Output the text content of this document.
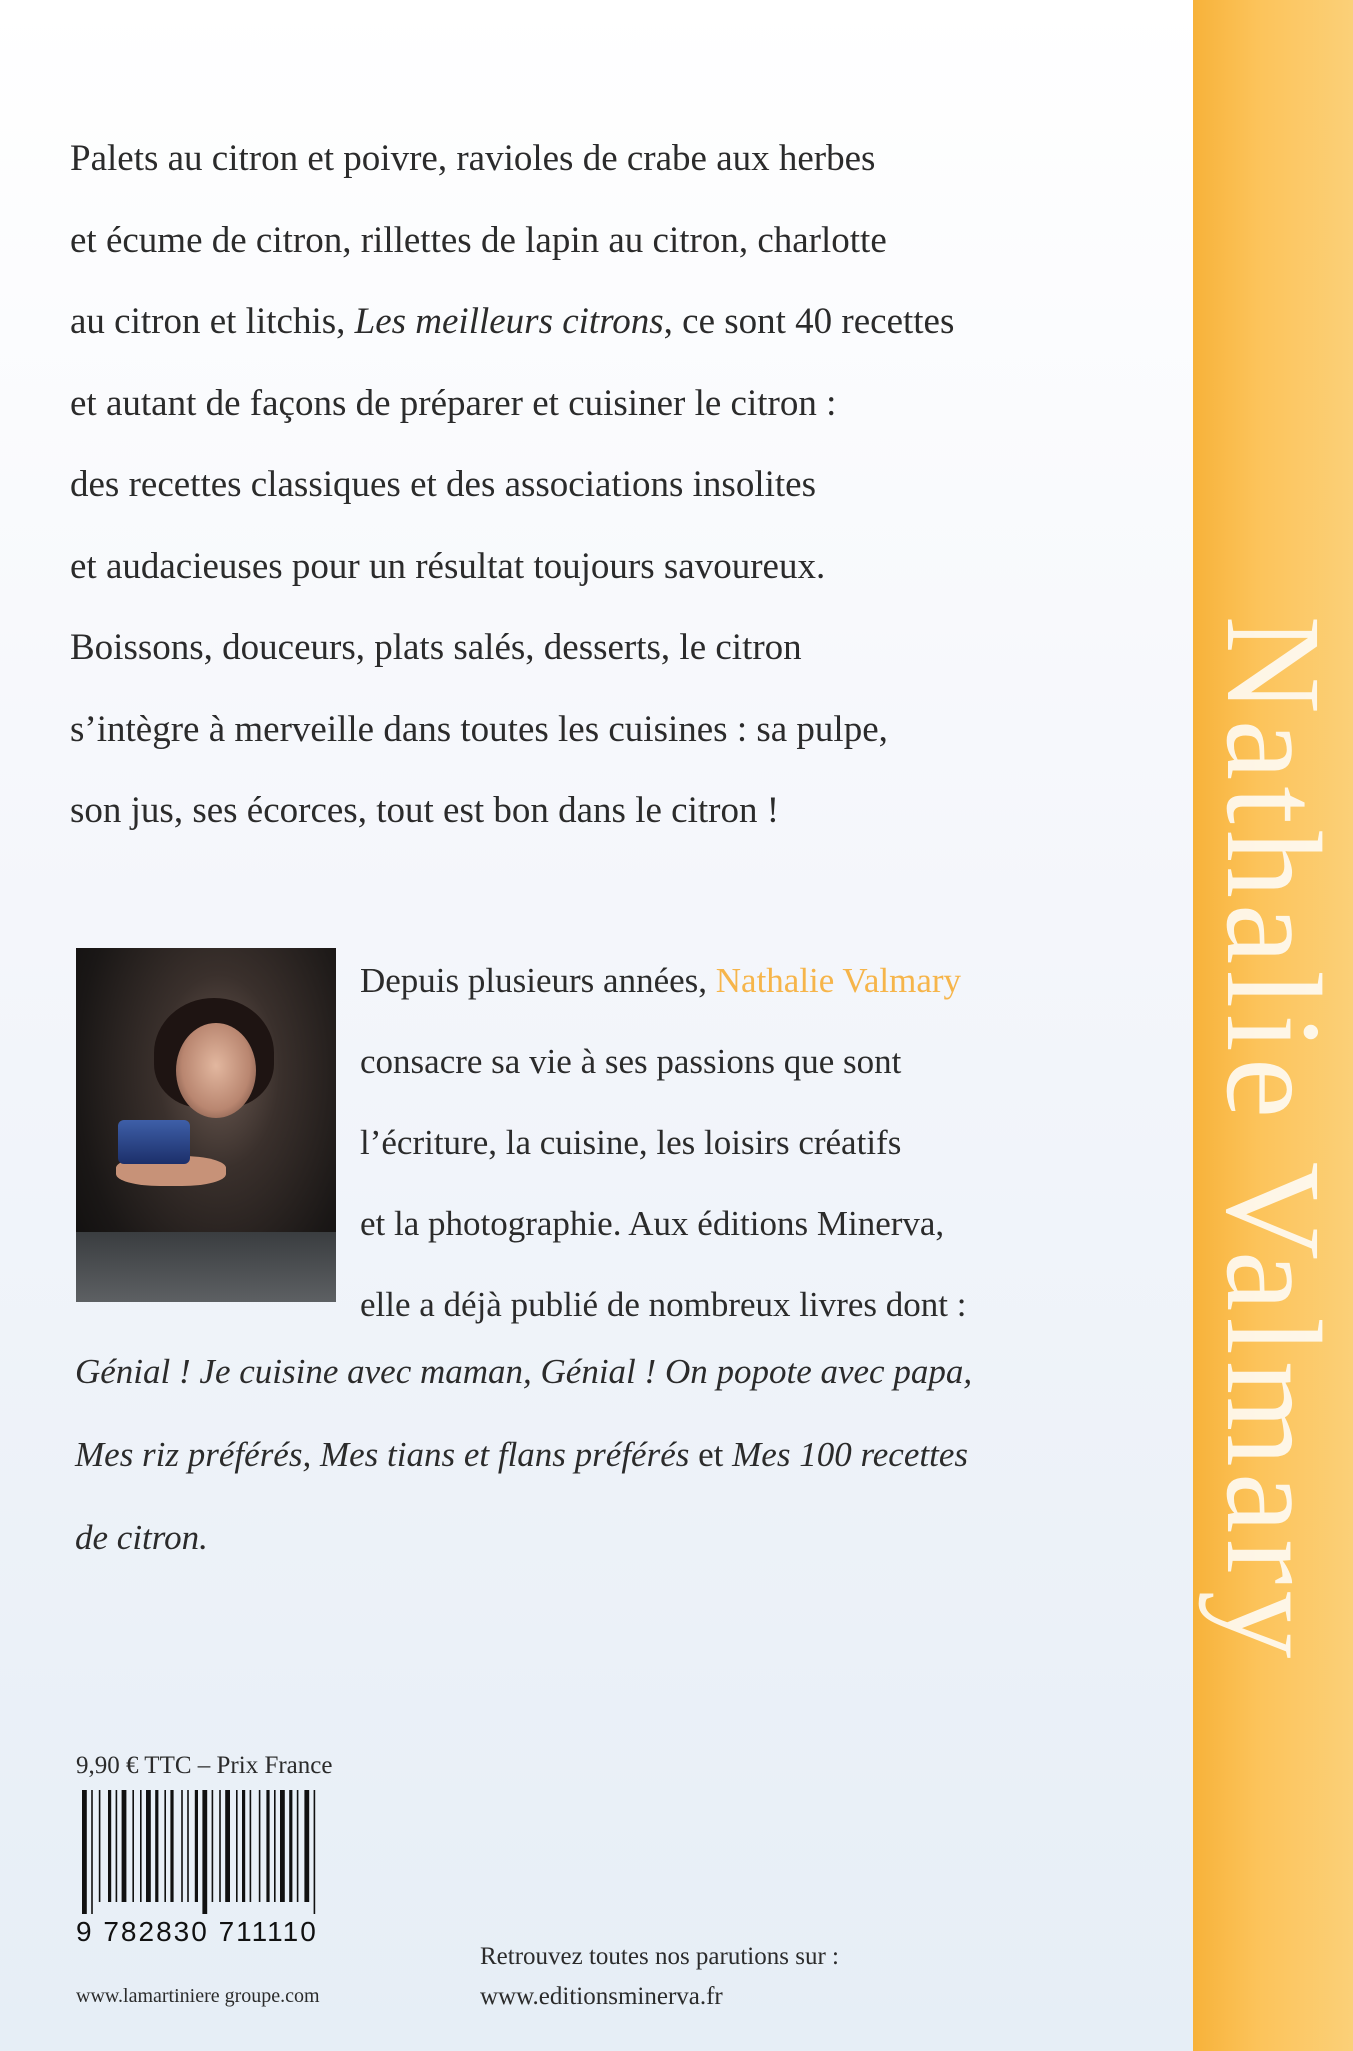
Nathalie Valmary
Palets au citron et poivre, ravioles de crabe aux herbes
et écume de citron, rillettes de lapin au citron, charlotte
au citron et litchis, Les meilleurs citrons, ce sont 40 recettes
et autant de façons de préparer et cuisiner le citron :
des recettes classiques et des associations insolites
et audacieuses pour un résultat toujours savoureux.
Boissons, douceurs, plats salés, desserts, le citron
s’intègre à merveille dans toutes les cuisines : sa pulpe,
son jus, ses écorces, tout est bon dans le citron !
Depuis plusieurs années, Nathalie Valmary
consacre sa vie à ses passions que sont
l’écriture, la cuisine, les loisirs créatifs
et la photographie. Aux éditions Minerva,
elle a déjà publié de nombreux livres dont :
Génial ! Je cuisine avec maman, Génial ! On popote avec papa,
Mes riz préférés, Mes tians et flans préférés et Mes 100 recettes
de citron.
9,90 € TTC – Prix France
9 782830 711110
www.lamartiniere groupe.com
Retrouvez toutes nos parutions sur :
www.editionsminerva.fr
